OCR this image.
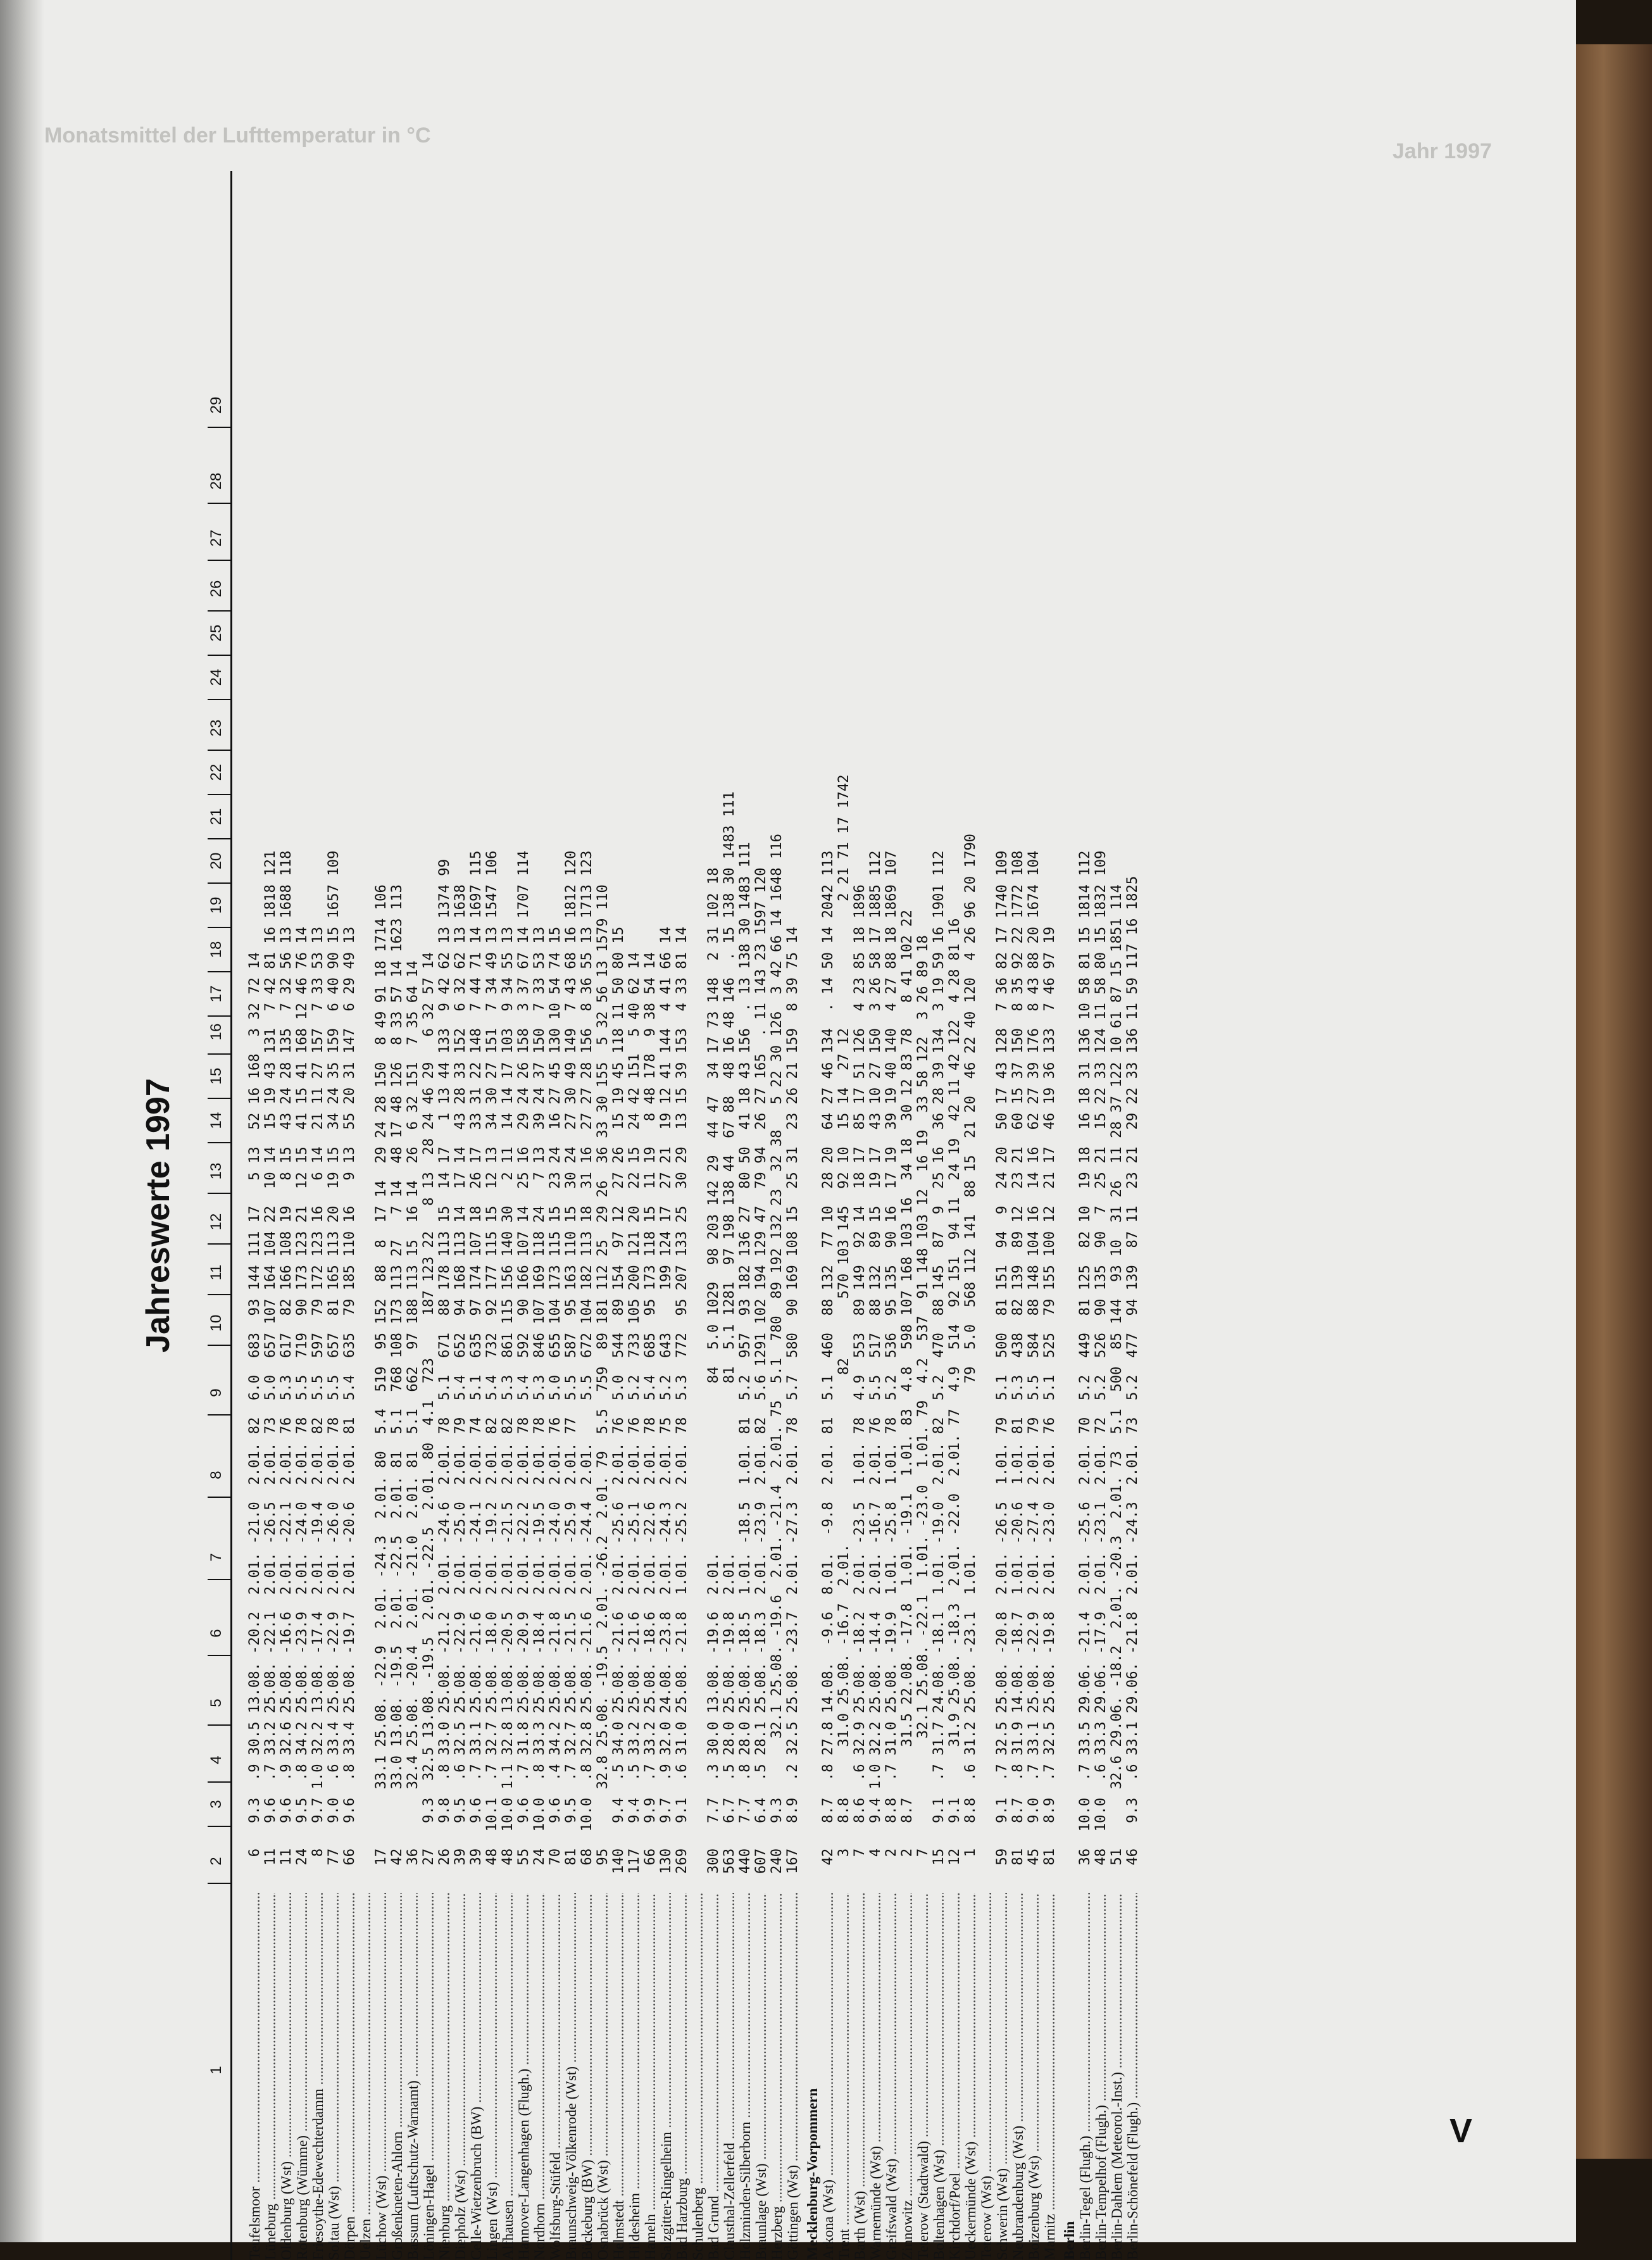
Monatsmittel der Lufttemperatur in °C
Jahr 1997
Jahreswerte 1997
1
2
3
4
5
6
7
8
9
10
11
12
13
14
15
16
17
18
19
20
21
22
23
24
25
26
27
28
29
Teufelsmoor .....
6   9.3  .9 30.5 13.08. -20.2  2.01. -21.0  2.01. 82  6.0  683  93 144 111 17   5 13  52 16 168  3 32 72 14
Lüneburg .....
11   9.6  .7 33.2 25.08. -22.1  2.01. -26.5  2.01. 73  5.0  657 107 164 104 22  10 14  15 19 43 131  7 42 81 16 1818 121
Oldenburg (Wst) .....
11   9.6  .9 32.6 25.08. -16.6  2.01. -22.1  2.01. 76  5.3  617  82 166 108 19   8 15  43 24 28 135  7 32 56 13 1688 118
Rotenburg (Wümme) .....
24   9.5  .8 34.2 25.08. -23.9  2.01. -24.0  2.01. 78  5.5  719  90 173 123 21  12 15  41 15 41 168 12 46 76 14
Friesoythe-Edewechterdamm .....
8   9.7 1.0 32.2 13.08. -17.4  2.01. -19.4  2.01. 82  5.5  597  79 172 123 16   6 14  21 11 27 157  7 33 53 13
Soltau (Wst) .....
77   9.0  .6 33.4 25.08. -22.9  2.01. -26.0  2.01. 78  5.5  657  81 165 113 20  19 15  34 24 35 159  6 40 90 15 1657 109
Dörpen .....
66   9.6  .8 33.4 25.08. -19.7  2.01. -20.6  2.01. 81  5.4  635  79 185 110 16   9 13  55 20 31 147  6 29 49 13
Uelzen ..... Lüchow (Wst) .....
17       33.1 25.08. -22.9  2.01. -24.3  2.01. 80  5.4  519  95 152  88  8  17 14  29 24 28 150  8 49 91 18 1714 106
Großenkneten-Ahlorn .....
42       33.0 13.08. -19.5  2.01. -22.5  2.01. 81  5.1  768 108 173 113 27   7 14  48 17 48 126  8 33 57 14 1623 113
Bassum (Luftschutz-Warnamt) .....
36       32.4 25.08. -20.4  2.01. -21.0  2.01. 81  5.1  662  97 188 113 15  16 14  26  6 32 151  7 35 64 14
Löningen-Hagel .....
27   9.3  32.5 13.08. -19.5  2.01. -22.5  2.01. 80  4.1  723     187 123 22   8 13  28 24 46 29   6 32 57 14
Nienburg .....
26   9.8  .8 33.0 25.08. -21.2  2.01. -24.6  2.01. 78  5.1  671  88 178 113 15  14 17   1 13 44 133  9 42 62 13 1374 99
Diepholz (Wst) .....
39   9.5  .6 32.5 25.08. -22.9  2.01. -25.0  2.01. 79  5.4  652  94 168 113 14  17 14  43 28 33 152  6 32 62 13 1638
Celle-Wietzenbruch (BW) .....
39   9.6  .7 33.1 25.08. -21.6  2.01. -24.1  2.01. 74  5.1  635  97 174 107 18  26 17  33 31 22 148  7 44 71 14 1697 115
Lingen (Wst) .....
48  10.1  .7 32.7 25.08. -18.0  2.01. -19.2  2.01. 82  5.4  732  92 177 115 15  12 13  34 30 27 151  7 34 49 13 1547 106
Alfhausen .....
48  10.0 1.1 32.8 13.08. -20.5  2.01. -21.5  2.01. 82  5.3  861 115 156 140 30   2 11  14 14 17 103  9 34 55 13
Hannover-Langenhagen (Flugh.) .....
55   9.6  .7 31.8 25.08. -20.9  2.01. -22.2  2.01. 78  5.4  592  90 166 107 14  25 16  29 24 26 158  3 37 67 14 1707 114
Nordhorn .....
24  10.0  .8 33.3 25.08. -18.4  2.01. -19.5  2.01. 78  5.3  846 107 169 118 24   7 13  39 24 37 150  7 33 53 13
Wolfsburg-Stüfeld .....
70   9.6  .4 34.2 25.08. -21.8  2.01. -24.0  2.01. 76  5.0  655 104 173 115 15  23 24  16 27 45 130 10 54 74 15
Braunschweig-Völkenrode (Wst) .....
81   9.5  .7 32.7 25.08. -21.5  2.01. -25.9  2.01. 77  5.5  587  95 163 110 15  30 24  27 30 49 149  7 43 68 16 1812 120
Bückeburg (BW) .....
68  10.0  .8 32.8 25.08. -21.6  2.01. -24.4  2.01.     5.5  672 104 182 113 18  31 16  27 27 28 156  8 36 55 13 1713 123
Osnabrück (Wst) .....
95       32.8 25.08. -19.5  2.01. -26.2  2.01. 79  5.5  759  89 181 112 25  29 26  36 33 30 155  5 32 56 13 1579 110
Helmstedt .....
140   9.4  .5 34.0 25.08. -21.6  2.01. -25.6  2.01. 76  5.0  544  89 154  97 12  27 26  15 19 45 118 11 50 80 15
Hildesheim .....
117   9.4  .5 33.2 25.08. -21.6  2.01. -25.1  2.01. 76  5.2  733 105 200 121 20  22 15  24 42 151  5 40 62 14
Hameln .....
66   9.9  .7 33.2 25.08. -18.6  2.01. -22.6  2.01. 78  5.4  685  95 173 118 15  11 19   8 48 178  9 38 54 14
Salzgitter-Ringelheim .....
130   9.7  .9 32.0 24.08. -23.8  2.01. -24.3  2.01. 75  5.2  643     199 124 17  27 21  19 12 41 144  4 41 66 14
Bad Harzburg .....
269   9.1  .6 31.0 25.08. -21.8  1.01. -25.2  2.01. 78  5.3  772  95 207 133 25  30 29  13 15 39 153  4 33 81 14
Schulenberg ..... Bad Grund .....
300   7.7  .3 30.0 13.08. -19.6  2.01.                    84  5.0 1029  98 203 142 29  44 47  34 17 73 148  2 31 102 18
Clausthal-Zellerfeld .....
563   6.7  .5 28.0 25.08. -19.8  2.01.                    81  5.1 1281  97 198 138 44  67 88  48 16 48 146  . 15 138 30 1483 111
Holzminden-Silberborn .....
440   7.7  .8 28.0 25.08. -18.5  1.01. -18.5  1.01. 81  5.2  957  93 182 136 27  80 50  41 18 43 156  . 13 138 30 1483 111
Braunlage (Wst) .....
607   6.4  .5 28.1 25.08. -18.3  2.01. -23.9  2.01. 82  5.6 1291 102 194 129 47  79 94  26 27 165  . 11 143 23 1597 120
Herzberg .....
240   9.3       32.1 25.08. -19.6  2.01. -21.4  2.01. 75  5.1  780  89 192 132 23  32 38   5 22 30 126  3 42 66 14 1648 116
Göttingen (Wst) .....
167   8.9  .2 32.5 25.08. -23.7  2.01. -27.3  2.01. 78  5.7  580  90 169 108 15  25 31  23 26 21 159  8 39 75 14
Mecklenburg-Vorpommern Arkona (Wst) .....
42   8.7  .8 27.8 14.08.  -9.6  8.01.  -9.8  2.01. 81  5.1  460  88 132  77 10  28 20  64 27 46 134  . 14 50 14 2042 113
Trent .....
3   8.8      31.0 25.08. -16.7  2.01.                    82       570 103 145  92 10  15 14  27 12               2 21 71 17 1742
Barth (Wst) .....
7   8.6  .6 32.9 25.08. -18.2  2.01. -23.5  1.01. 78  4.9  553  89 149  92 14  18 17  85 17 51 126  4 23 85 18 1896
Warnemünde (Wst) .....
4   9.4 1.0 32.2 25.08. -14.4  2.01. -16.7  2.01. 76  5.5  517  88 132  89 15  19 17  43 10 27 150  3 26 58 17 1885 112
Greifswald (Wst) .....
2   8.8  .7 31.0 25.08. -19.9  1.01. -25.8  1.01. 78  5.2  536  95 135  90 16  17 19  39 19 40 140  4 27 88 18 1869 107
Zinnowitz .....
2   8.7      31.5 22.08. -17.8  1.01. -19.1  1.01. 83  4.8  598 107 168 103 16  34 18  30 12 83 78   8 41 102 22
Teterow (Stadtwald) .....
7             32.1 25.08. -22.1  1.01. -23.0  1.01. 79  4.2  537  91 148 103 12  16 19  33 58 122  3 26 89 18
Boltenhagen (Wst) .....
15   9.1  .7 31.7 24.08. -18.1  1.01. -19.0  2.01. 82  5.2  470  88 145  87  9  25 16  36 28 39 134  3 19 59 16 1901 112
Kirchdorf/Poel .....
12   9.1      31.9 25.08. -18.3  2.01. -22.0  2.01. 77  4.9  514  92 151  94 11  24 19  42 11 42 122  4 28 81 16
Ueckermünde (Wst) .....
1   8.8  .6 31.2 25.08. -23.1  1.01.                    79  5.0  568 112 141  88 15  21 20  46 22 40 120  4 26 96 20 1790
Teterow (Wst) ..... Schwerin (Wst) .....
59   9.1  .7 32.5 25.08. -20.8  2.01. -26.5  1.01. 79  5.1  500  81 151  94  9  24 20  50 17 43 128  7 36 82 17 1740 109
Neubrandenburg (Wst) .....
81   8.7  .8 31.9 14.08. -18.7  1.01. -20.6  1.01. 81  5.3  438  82 139  89 12  23 21  60 15 37 150  8 35 92 22 1772 108
Boizenburg (Wst) .....
45   9.0  .7 33.1 25.08. -22.9  2.01. -27.4  2.01. 79  5.5  584  88 148 104 16  14 16  62 27 39 176  8 43 88 20 1674 104
Marnitz .....
81   8.9  .7 32.5 25.08. -19.8  2.01. -23.0  2.01. 76  5.1  525  79 155 100 12  21 17  46 19 36 133  7 46 97 19
Berlin Berlin-Tegel (Flugh.) .....
36  10.0  .7 33.5 29.06. -21.4  2.01. -25.6  2.01. 70  5.2  449  81 125  82 10  19 18  16 18 31 136 10 58 81 15 1814 112
Berlin-Tempelhof (Flugh.) .....
48  10.0  .6 33.3 29.06. -17.9  2.01. -23.1  2.01. 72  5.2  526  90 135  90  7  25 21  15 22 33 124 11 58 80 15 1832 109
Berlin-Dahlem (Meteorol.-Inst.) .....
51       32.6 29.06. -18.2  2.01. -20.3  2.01. 73  5.1  500  85 144  93 10  31 26  11 28 37 122 10 61 87 15 1851 114
Berlin-Schönefeld (Flugh.) .....
46   9.3  .6 33.1 29.06. -21.8  2.01. -24.3  2.01. 73  5.2  477  94 139  87 11  23 21  29 22 33 136 11 59 117 16 1825
V
